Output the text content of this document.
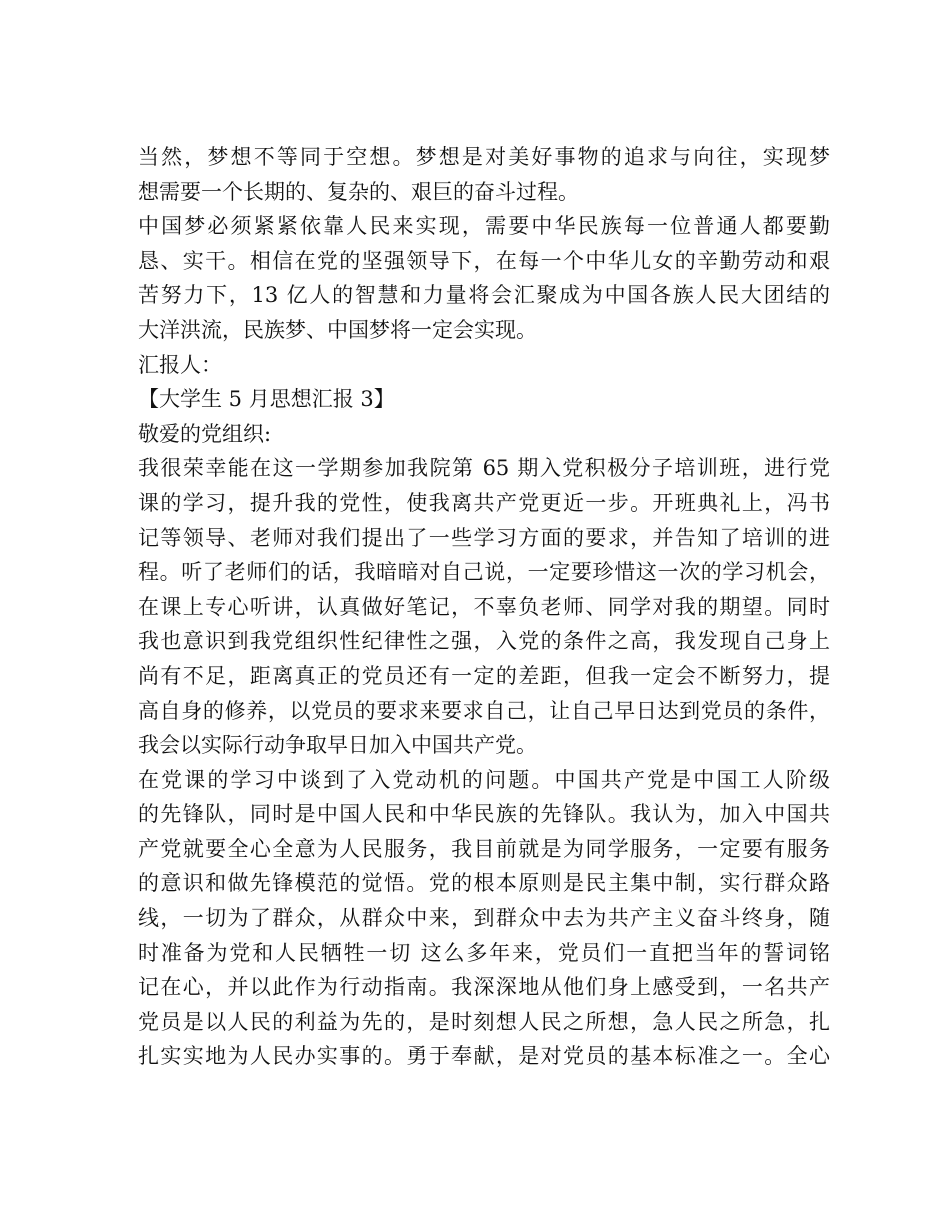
当然，梦想不等同于空想。梦想是对美好事物的追求与向往，实现梦
想需要一个长期的、复杂的、艰巨的奋斗过程。
中国梦必须紧紧依靠人民来实现，需要中华民族每一位普通人都要勤
恳、实干。相信在党的坚强领导下，在每一个中华儿女的辛勤劳动和艰
苦努力下，13 亿人的智慧和力量将会汇聚成为中国各族人民大团结的
大洋洪流，民族梦、中国梦将一定会实现。
汇报人：
【大学生 5 月思想汇报 3】
敬爱的党组织:
我很荣幸能在这一学期参加我院第 65 期入党积极分子培训班，进行党
课的学习，提升我的党性，使我离共产党更近一步。开班典礼上，冯书
记等领导、老师对我们提出了一些学习方面的要求，并告知了培训的进
程。听了老师们的话，我暗暗对自己说，一定要珍惜这一次的学习机会，
在课上专心听讲，认真做好笔记，不辜负老师、同学对我的期望。同时
我也意识到我党组织性纪律性之强，入党的条件之高，我发现自己身上
尚有不足，距离真正的党员还有一定的差距，但我一定会不断努力，提
高自身的修养，以党员的要求来要求自己，让自己早日达到党员的条件，
我会以实际行动争取早日加入中国共产党。
在党课的学习中谈到了入党动机的问题。中国共产党是中国工人阶级
的先锋队，同时是中国人民和中华民族的先锋队。我认为，加入中国共
产党就要全心全意为人民服务，我目前就是为同学服务，一定要有服务
的意识和做先锋模范的觉悟。党的根本原则是民主集中制，实行群众路
线，一切为了群众，从群众中来，到群众中去为共产主义奋斗终身，随
时准备为党和人民牺牲一切 这么多年来，党员们一直把当年的誓词铭
记在心，并以此作为行动指南。我深深地从他们身上感受到，一名共产
党员是以人民的利益为先的，是时刻想人民之所想，急人民之所急，扎
扎实实地为人民办实事的。勇于奉献，是对党员的基本标准之一。全心
